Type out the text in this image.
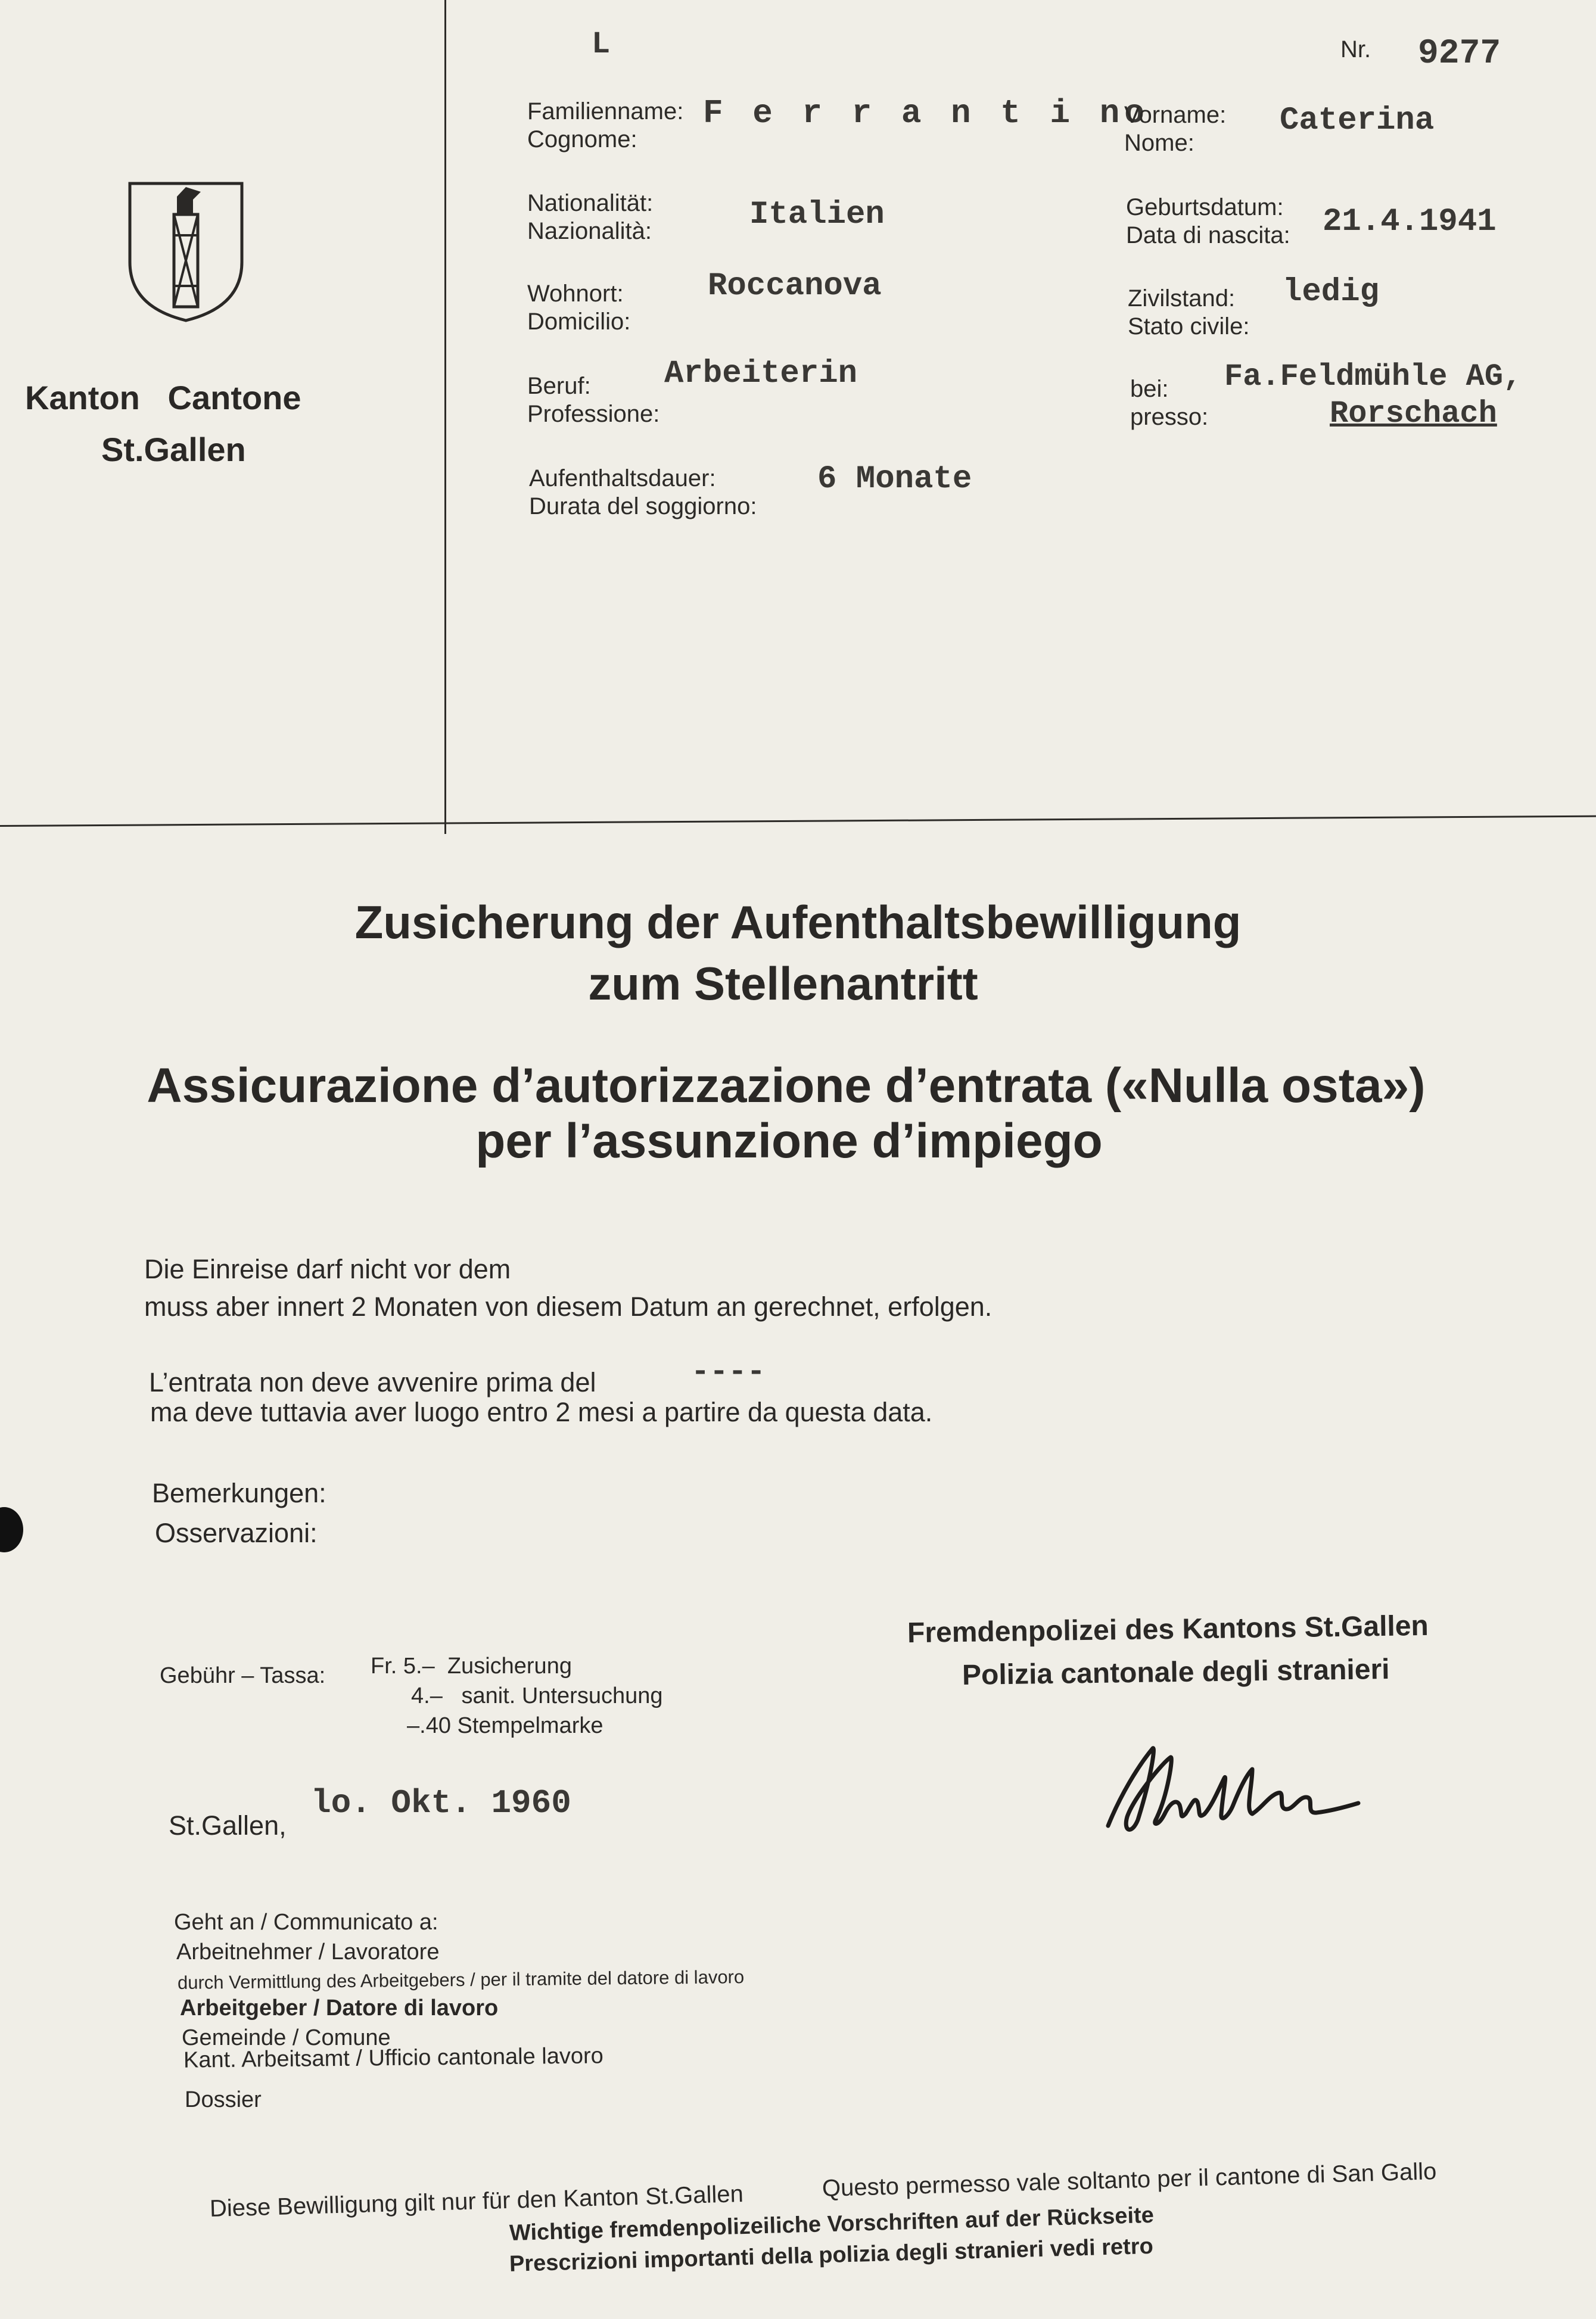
Kanton   Cantone
St.Gallen
L	Nr. 9277
Familienname:
Cognome:
F e r r a n t i no
Nationalität:
Nazionalità:	Italien
Wohnort:
Domicilio:
Roccanova
Beruf:
Professione:
Arbeiterin
Aufenthaltsdauer:
Durata del soggiorno:
6 Monate
Vorname:
Nome:
Caterina
Geburtsdatum:
Data di nascita: 21.4.1941
Zivilstand:
Stato civile:
ledig
bei:
presso:
Fa.Feldmühle AG,
Rorschach
Zusicherung der Aufenthaltsbewilligung
zum Stellenantritt
Assicurazione d’autorizzazione d’entrata («Nulla osta»)
per l’assunzione d’impiego
Die Einreise darf nicht vor dem
muss aber innert 2 Monaten von diesem Datum an gerechnet, erfolgen.
L’entrata non deve avvenire prima del	----
ma deve tuttavia aver luogo entro 2 mesi a partire da questa data.
Bemerkungen:
Osservazioni:
Gebühr – Tassa: Fr. 5.– Zusicherung
4.– sanit. Untersuchung
–.40 Stempelmarke
Fremdenpolizei des Kantons St.Gallen
Polizia cantonale degli stranieri
St.Gallen,
lo. Okt. 1960
Geht an / Communicato a:
Arbeitnehmer / Lavoratore
durch Vermittlung des Arbeitgebers / per il tramite del datore di lavoro
Arbeitgeber / Datore di lavoro
Gemeinde / Comune
Kant. Arbeitsamt / Ufficio cantonale lavoro
Dossier
Diese Bewilligung gilt nur für den Kanton St.Gallen	Questo permesso vale soltanto per il cantone di San Gallo
Wichtige fremdenpolizeiliche Vorschriften auf der Rückseite
Prescrizioni importanti della polizia degli stranieri vedi retro
